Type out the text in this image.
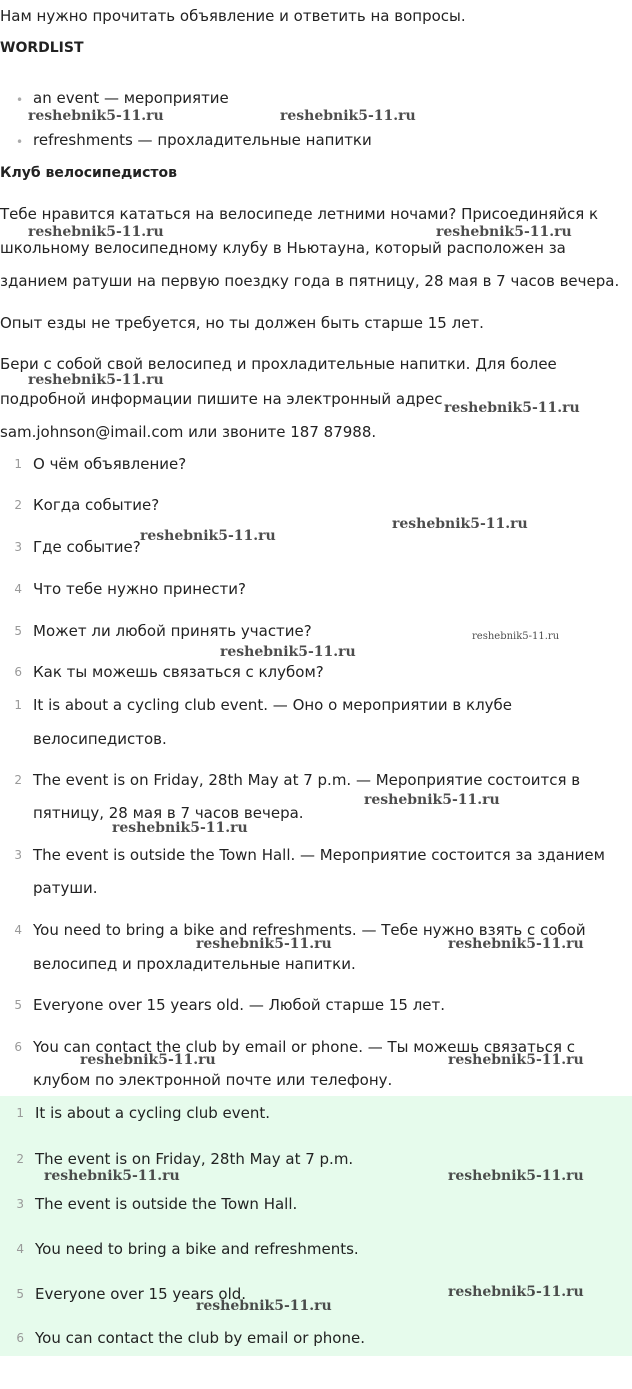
Нам нужно прочитать объявление и ответить на вопросы.
WORDLIST
• an event — мероприятие
• refreshments — прохладительные напитки
Клуб велосипедистов
Тебе нравится кататься на велосипеде летними ночами? Присоединяйся к
школьному велосипедному клубу в Ньютауна, который расположен за
зданием ратуши на первую поездку года в пятницу, 28 мая в 7 часов вечера.
Опыт езды не требуется, но ты должен быть старше 15 лет.
Бери с собой свой велосипед и прохладительные напитки. Для более
подробной информации пишите на электронный адрес
sam.johnson@imail.com или звоните 187 87988.
1 О чём объявление?
2 Когда событие?
3 Где событие?
4 Что тебе нужно принести?
5 Может ли любой принять участие?
6 Как ты можешь связаться с клубом?
1 It is about a cycling club event. — Оно о мероприятии в клубе
велосипедистов.
2 The event is on Friday, 28th May at 7 p.m. — Мероприятие состоится в
пятницу, 28 мая в 7 часов вечера.
3 The event is outside the Town Hall. — Мероприятие состоится за зданием
ратуши.
4 You need to bring a bike and refreshments. — Тебе нужно взять с собой
велосипед и прохладительные напитки.
5 Everyone over 15 years old. — Любой старше 15 лет.
6 You can contact the club by email or phone. — Ты можешь связаться с
клубом по электронной почте или телефону.
1 It is about a cycling club event.
2 The event is on Friday, 28th May at 7 p.m.
3 The event is outside the Town Hall.
4 You need to bring a bike and refreshments.
5 Everyone over 15 years old.
6 You can contact the club by email or phone.
reshebnik5-11.ru	reshebnik5-11.ru
reshebnik5-11.ru	reshebnik5-11.ru
reshebnik5-11.ru
reshebnik5-11.ru
reshebnik5-11.ru
reshebnik5-11.ru
reshebnik5-11.ru
reshebnik5-11.ru
reshebnik5-11.ru
reshebnik5-11.ru
reshebnik5-11.ru	reshebnik5-11.ru
reshebnik5-11.ru	reshebnik5-11.ru
reshebnik5-11.ru	reshebnik5-11.ru
reshebnik5-11.ru
reshebnik5-11.ru
